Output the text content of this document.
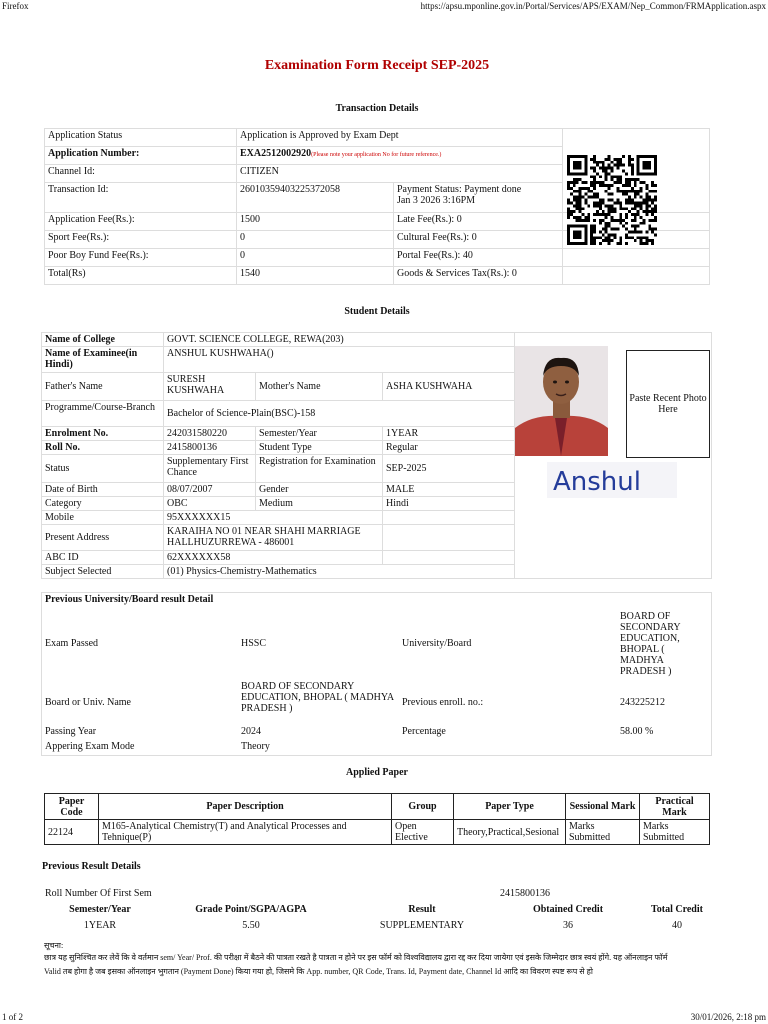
Firefox	https://apsu.mponline.gov.in/Portal/Services/APS/EXAM/Nep_Common/FRMApplication.aspx
Examination Form Receipt SEP-2025
Transaction Details
Application Status	Application is Approved by Exam Dept		
Application Number:	EXA2512002920(Please note your application No for future reference.)		
Channel Id:	CITIZEN		
Transaction Id:	26010359403225372058	Payment Status: Payment done
Jan 3 2026 3:16PM	
Application Fee(Rs.):	1500	Late Fee(Rs.): 0	
Sport Fee(Rs.):	0	Cultural Fee(Rs.): 0	
Poor Boy Fund Fee(Rs.):	0	Portal Fee(Rs.): 40	
Total(Rs)	1540	Goods & Services Tax(Rs.): 0	
Student Details
Name of College	GOVT. SCIENCE COLLEGE, REWA(203)			
Name of Examinee(in Hindi)	ANSHUL KUSHWAHA()			
Father's Name	SURESH KUSHWAHA	Mother's Name	ASHA KUSHWAHA	
Programme/Course-Branch	Bachelor of Science-Plain(BSC)-158			
Enrolment No.	242031580220	Semester/Year	1YEAR	
Roll No.	2415800136	Student Type	Regular	
Status	Supplementary First Chance	Registration for Examination	SEP-2025	
Date of Birth	08/07/2007	Gender	MALE	
Category	OBC	Medium	Hindi	
Mobile	95XXXXXX15			
Present Address	KARAIHA NO 01 NEAR SHAHI MARRIAGE HALLHUZURREWA - 486001			
ABC ID	62XXXXXX58			
Subject Selected	(01) Physics-Chemistry-Mathematics			
Paste Recent Photo Here
Anshul
Previous University/Board result Detail			
Exam Passed	HSSC	University/Board	BOARD OF SECONDARY EDUCATION, BHOPAL ( MADHYA PRADESH )
Board or Univ. Name	BOARD OF SECONDARY EDUCATION, BHOPAL ( MADHYA PRADESH )	Previous enroll. no.:	243225212
Passing Year	2024	Percentage	58.00 %
Appering Exam Mode	Theory		
Applied Paper
Paper Code	Paper Description	Group	Paper Type	Sessional Mark	Practical Mark
22124	M165-Analytical Chemistry(T) and Analytical Processes and Tehnique(P)	Open Elective	Theory,Practical,Sesional	Marks Submitted	Marks Submitted
Previous Result Details
Roll Number Of First Sem			2415800136	
Semester/Year	Grade Point/SGPA/AGPA	Result	Obtained Credit	Total Credit
1YEAR	5.50	SUPPLEMENTARY	36	40
सूचना:
छात्र यह सुनिश्चित कर लेवें कि वे वर्तमान sem/ Year/ Prof. की परीक्षा में बैठने की पात्रता रखते है पात्रता न होने पर इस फॉर्म को विश्वविद्यालय द्वारा रद्द कर दिया जायेगा एवं इसके जिम्मेदार छात्र स्वयं होंगे. यह ऑनलाइन फॉर्म
Valid तब होगा है जब इसका ऑनलाइन भुगतान (Payment Done) किया गया हो, जिसमे कि App. number, QR Code, Trans. Id, Payment date, Channel Id आदि का विवरण स्पष्ट रूप से हो
1 of 2	30/01/2026, 2:18 pm
